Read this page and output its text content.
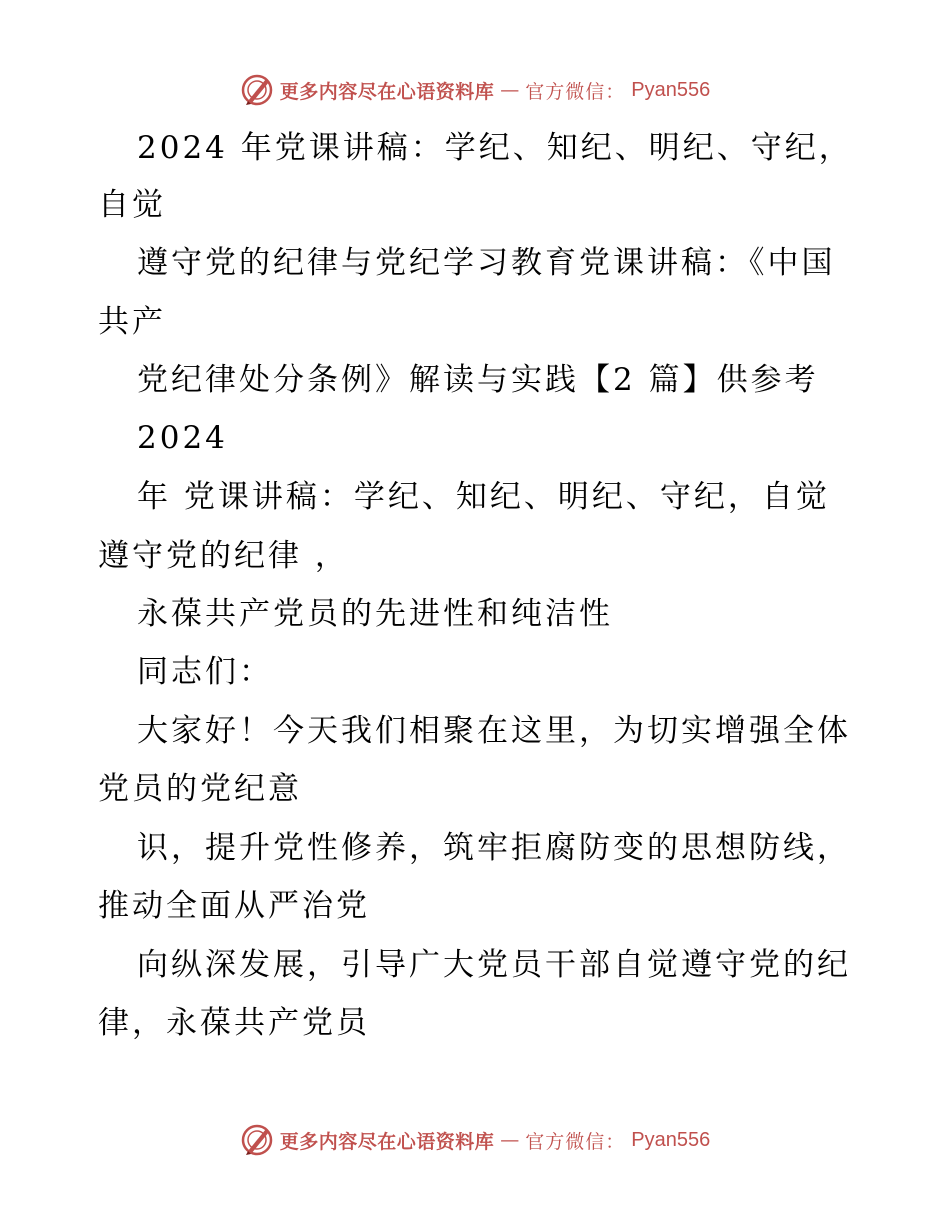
更多内容尽在心语资料库 — 官方微信： Pyan556
2024 年党课讲稿：学纪、知纪、明纪、守纪，
自觉
遵守党的纪律与党纪学习教育党课讲稿：《中国
共产
党纪律处分条例》解读与实践【2 篇】供参考
2024
年 党课讲稿：学纪、知纪、明纪、守纪，自觉
遵守党的纪律 ，
永葆共产党员的先进性和纯洁性
同志们：
大家好！今天我们相聚在这里，为切实增强全体
党员的党纪意
识，提升党性修养，筑牢拒腐防变的思想防线，
推动全面从严治党
向纵深发展，引导广大党员干部自觉遵守党的纪
律，永葆共产党员
更多内容尽在心语资料库 — 官方微信： Pyan556
